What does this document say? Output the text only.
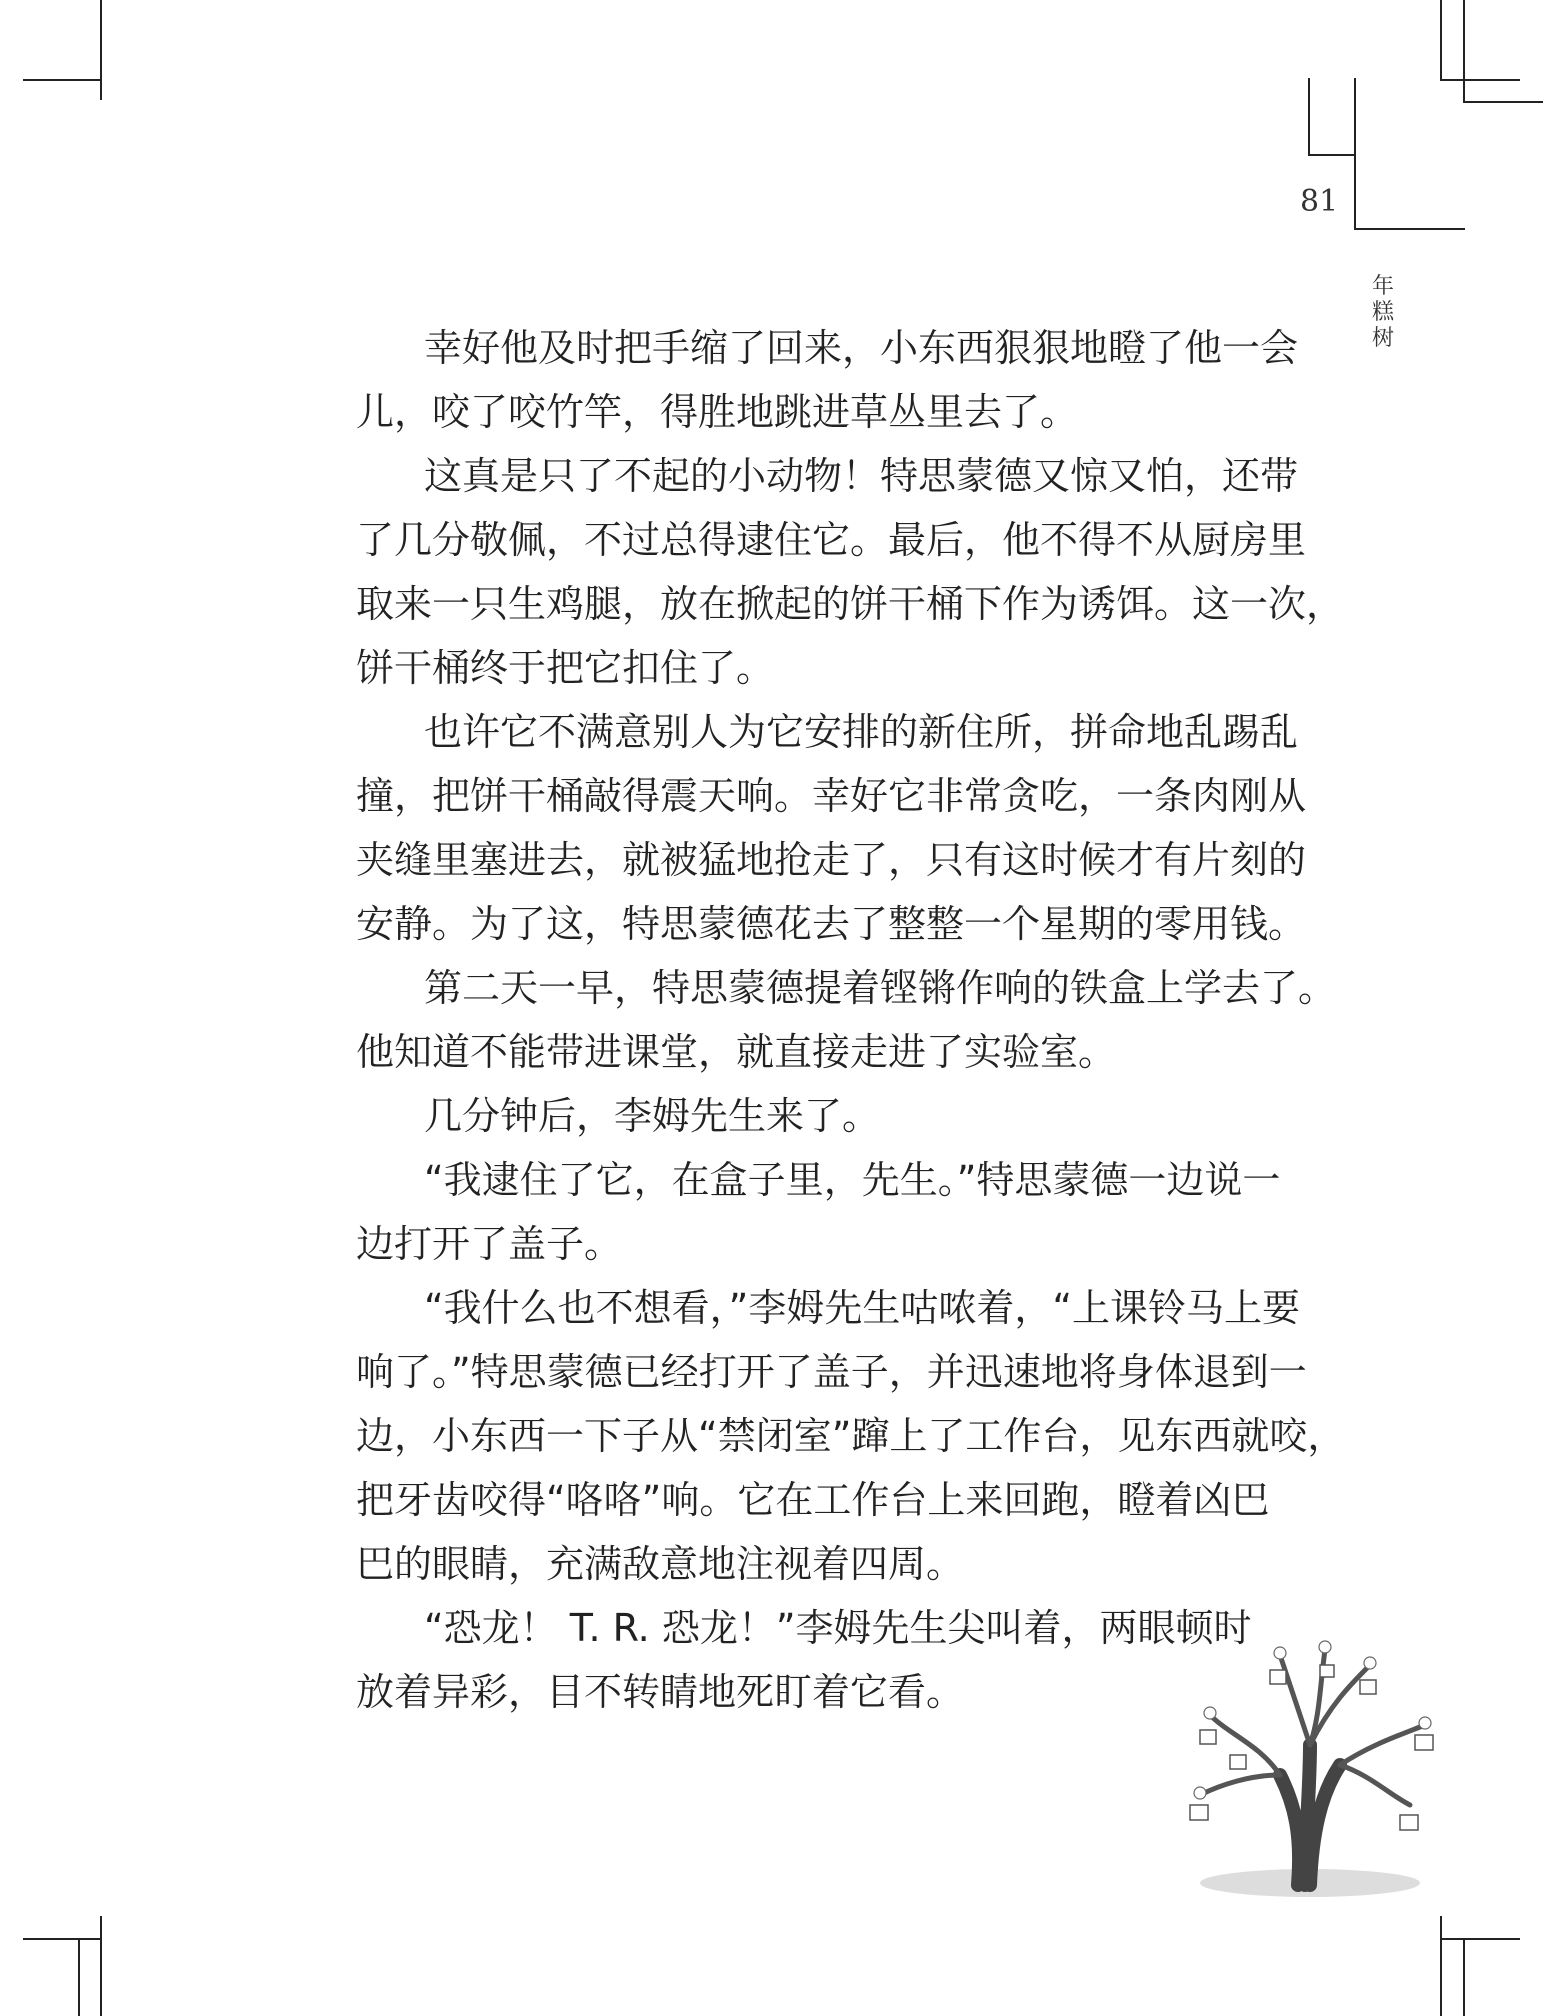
81
年糕树
幸好他及时把手缩了回来，小东西狠狠地瞪了他一会
儿，咬了咬竹竿，得胜地跳进草丛里去了。
这真是只了不起的小动物！特思蒙德又惊又怕，还带
了几分敬佩，不过总得逮住它。最后，他不得不从厨房里
取来一只生鸡腿，放在掀起的饼干桶下作为诱饵。这一次，
饼干桶终于把它扣住了。
也许它不满意别人为它安排的新住所，拼命地乱踢乱
撞，把饼干桶敲得震天响。幸好它非常贪吃，一条肉刚从
夹缝里塞进去，就被猛地抢走了，只有这时候才有片刻的
安静。为了这，特思蒙德花去了整整一个星期的零用钱。
第二天一早，特思蒙德提着铿锵作响的铁盒上学去了。
他知道不能带进课堂，就直接走进了实验室。
几分钟后，李姆先生来了。
“我逮住了它，在盒子里，先生。”特思蒙德一边说一
边打开了盖子。
“我什么也不想看，”李姆先生咕哝着，“上课铃马上要
响了。”特思蒙德已经打开了盖子，并迅速地将身体退到一
边，小东西一下子从“禁闭室”蹿上了工作台，见东西就咬，
把牙齿咬得“咯咯”响。它在工作台上来回跑，瞪着凶巴
巴的眼睛，充满敌意地注视着四周。
“恐龙！ T. R. 恐龙！”李姆先生尖叫着，两眼顿时
放着异彩，目不转睛地死盯着它看。
